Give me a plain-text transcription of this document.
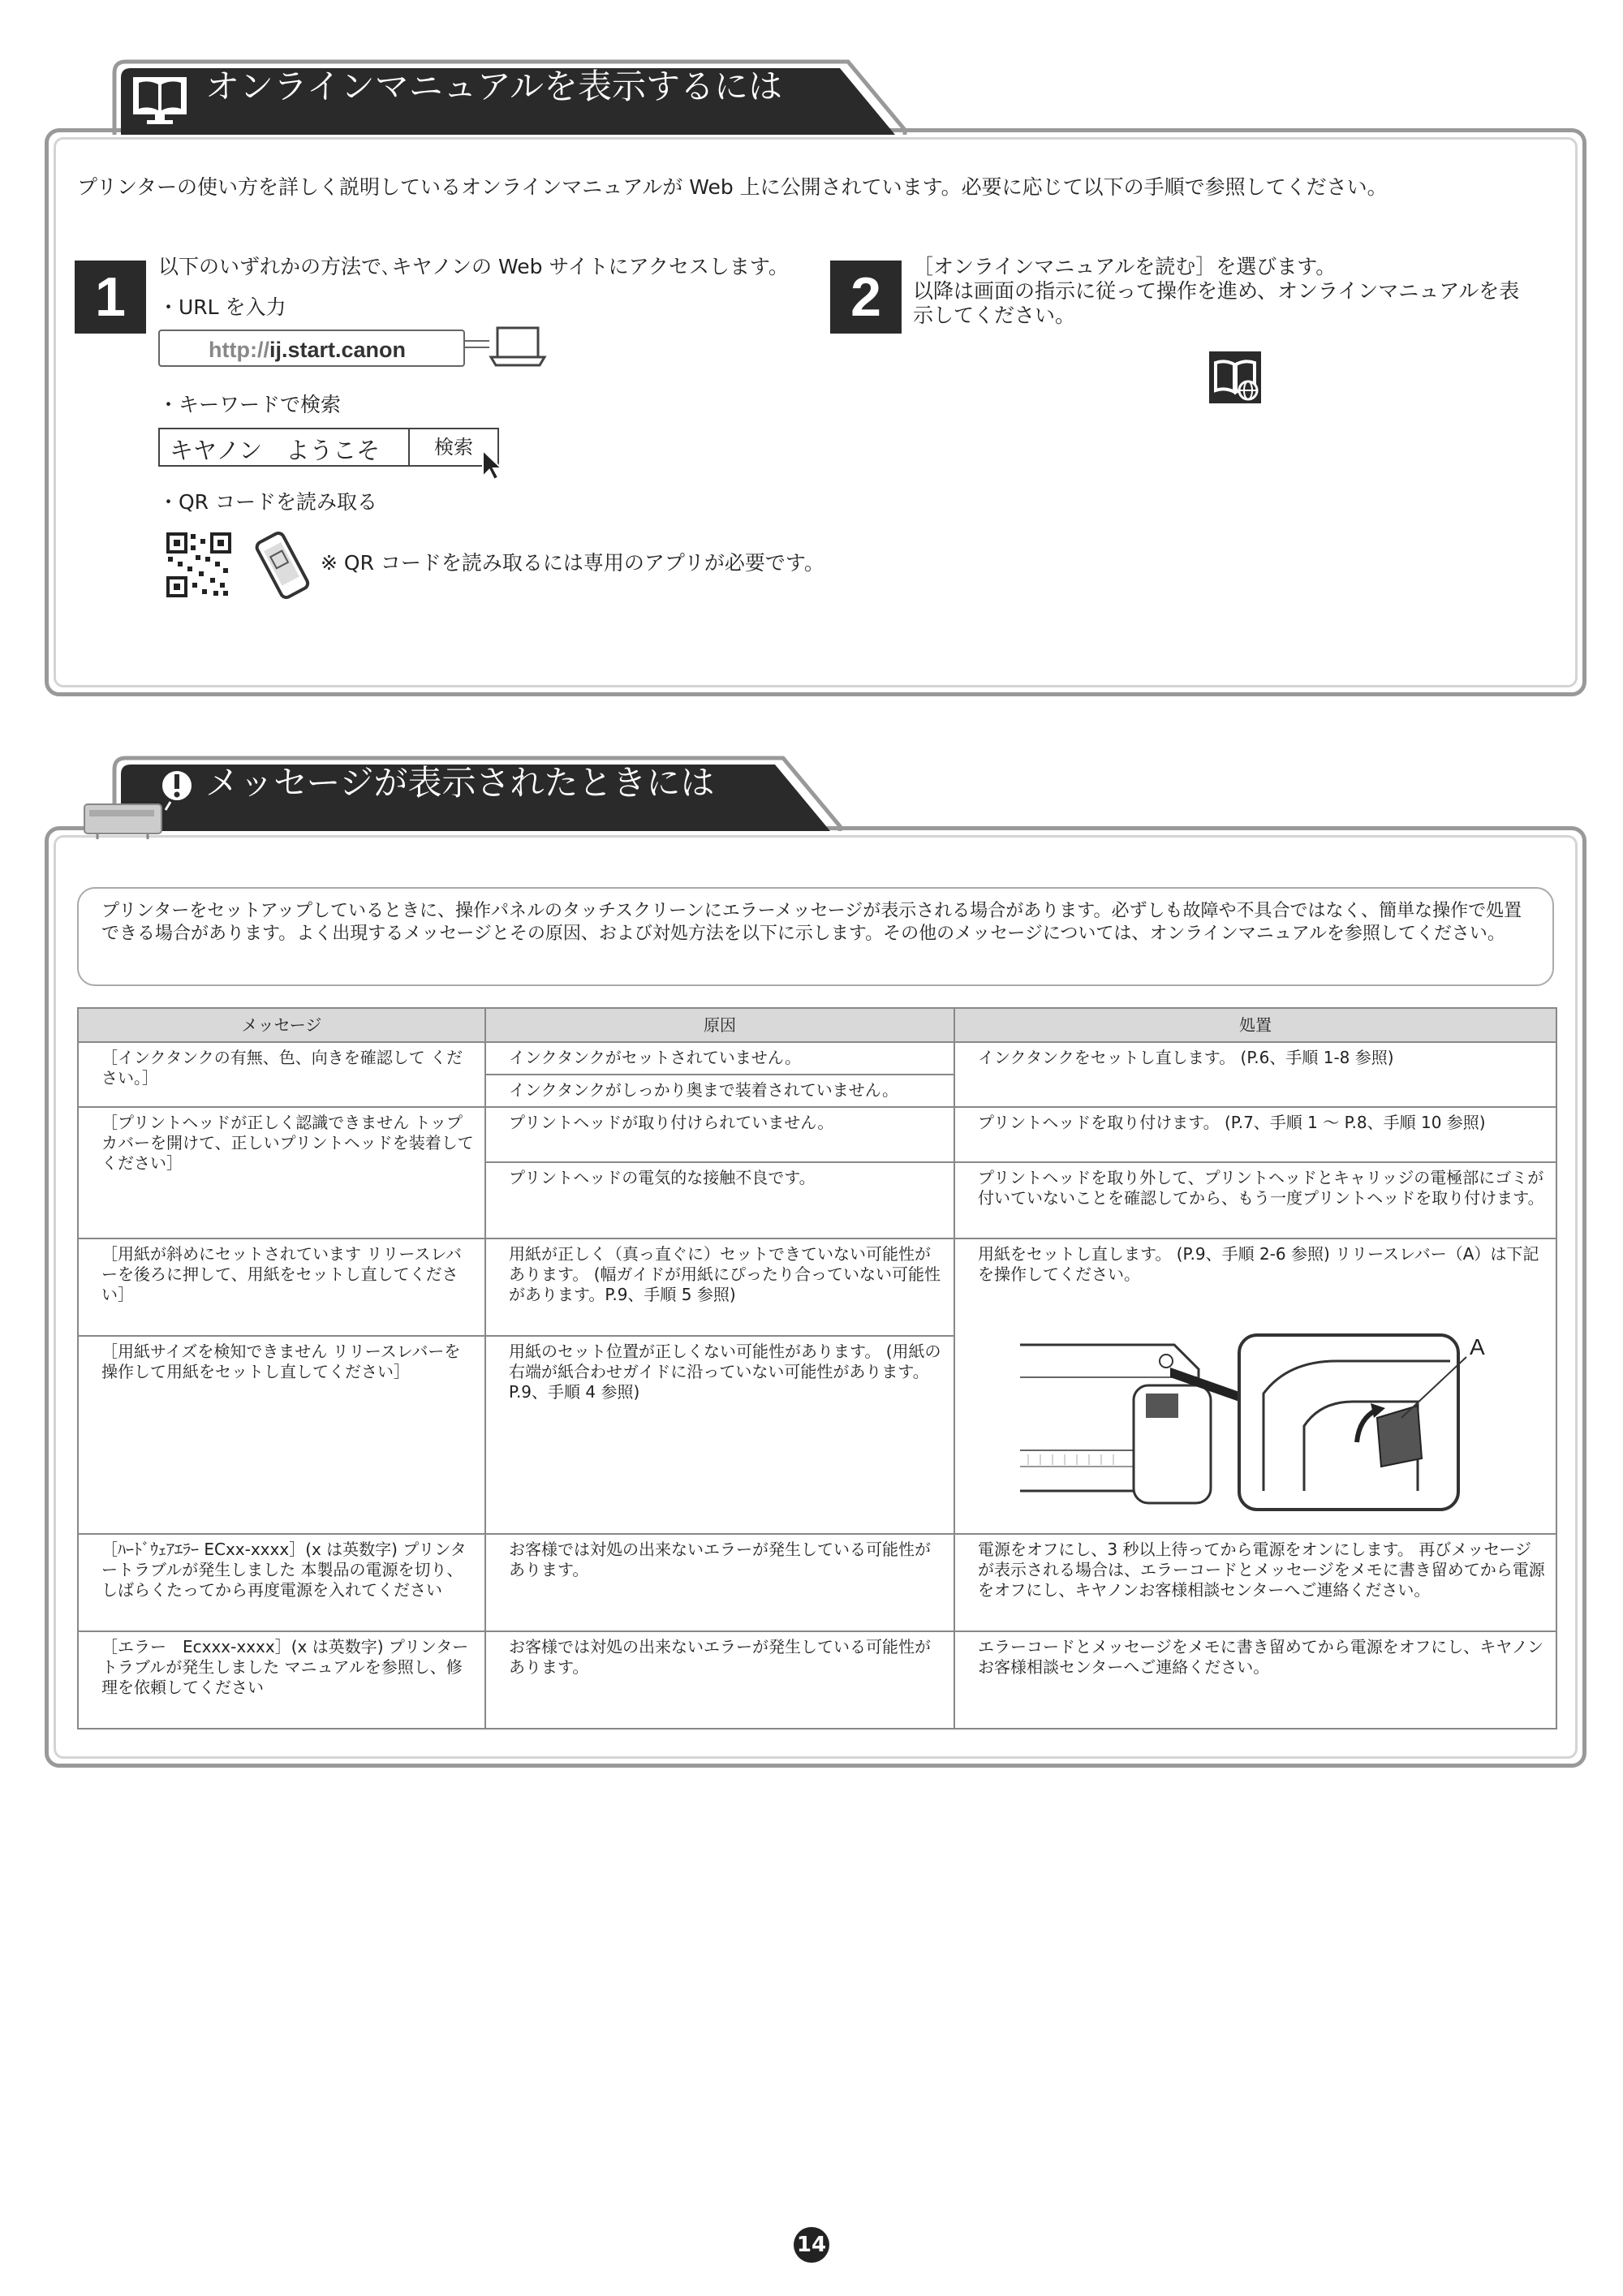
プリンターの使い方を詳しく説明しているオンラインマニュアルが Web 上に公開されています。必要に応じて以下の手順で参照してください。
1	以下のいずれかの方法で､キヤノンの Web サイトにアクセスします。
・URL を入力
http://ij.start.canon
・キーワードで検索
キヤノン　ようこそ	検索
・QR コードを読み取る
※ QR コードを読み取るには専用のアプリが必要です。
2	［オンラインマニュアルを読む］を選びます。
以降は画面の指示に従って操作を進め、オンラインマニュアルを表
示してください。
オンラインマニュアルを表示するには
プリンターをセットアップしているときに、操作パネルのタッチスクリーンにエラーメッセージが表示される場合があります。必ずしも故障や不具合ではなく、簡単な操作で処置できる場合があります。よく出現するメッセージとその原因、および対処方法を以下に示します。その他のメッセージについては、オンラインマニュアルを参照してください。
メッセージ	原因	処置
［インクタンクの有無、色、向きを確認して ください｡］	インクタンクがセットされていません。	インクタンクをセットし直します。 (P.6、手順 1-8 参照)
	インクタンクがしっかり奥まで装着されていません。	
［プリントヘッドが正しく認識できません トップカバーを開けて、正しいプリントヘッドを装着してください］	プリントヘッドが取り付けられていません。	プリントヘッドを取り付けます。 (P.7、手順 1 〜 P.8、手順 10 参照)
	プリントヘッドの電気的な接触不良です。	プリントヘッドを取り外して、プリントヘッドとキャリッジの電極部にゴミが付いていないことを確認してから、もう一度プリントヘッドを取り付けます。
［用紙が斜めにセットされています リリースレバーを後ろに押して、用紙をセットし直してください］	用紙が正しく（真っ直ぐに）セットできていない可能性があります。 (幅ガイドが用紙にぴったり合っていない可能性があります。P.9、手順 5 参照)	用紙をセットし直します。 (P.9、手順 2-6 参照) リリースレバー（A）は下記を操作してください。
A

［用紙サイズを検知できません リリースレバーを操作して用紙をセットし直してください］	用紙のセット位置が正しくない可能性があります。 (用紙の右端が紙合わせガイドに沿っていない可能性があります。P.9、手順 4 参照)	
［ﾊｰﾄﾞｳｪｱｴﾗｰ ECxx-xxxx］(x は英数字) プリンタートラブルが発生しました 本製品の電源を切り、しばらくたってから再度電源を入れてください	お客様では対処の出来ないエラーが発生している可能性があります。	電源をオフにし、3 秒以上待ってから電源をオンにします。 再びメッセージが表示される場合は、エラーコードとメッセージをメモに書き留めてから電源をオフにし、キヤノンお客様相談センターへご連絡ください。
［エラー　Ecxxx-xxxx］(x は英数字) プリンタートラブルが発生しました マニュアルを参照し、修理を依頼してください	お客様では対処の出来ないエラーが発生している可能性があります。	エラーコードとメッセージをメモに書き留めてから電源をオフにし、キヤノンお客様相談センターへご連絡ください。
メッセージが表示されたときには
14
